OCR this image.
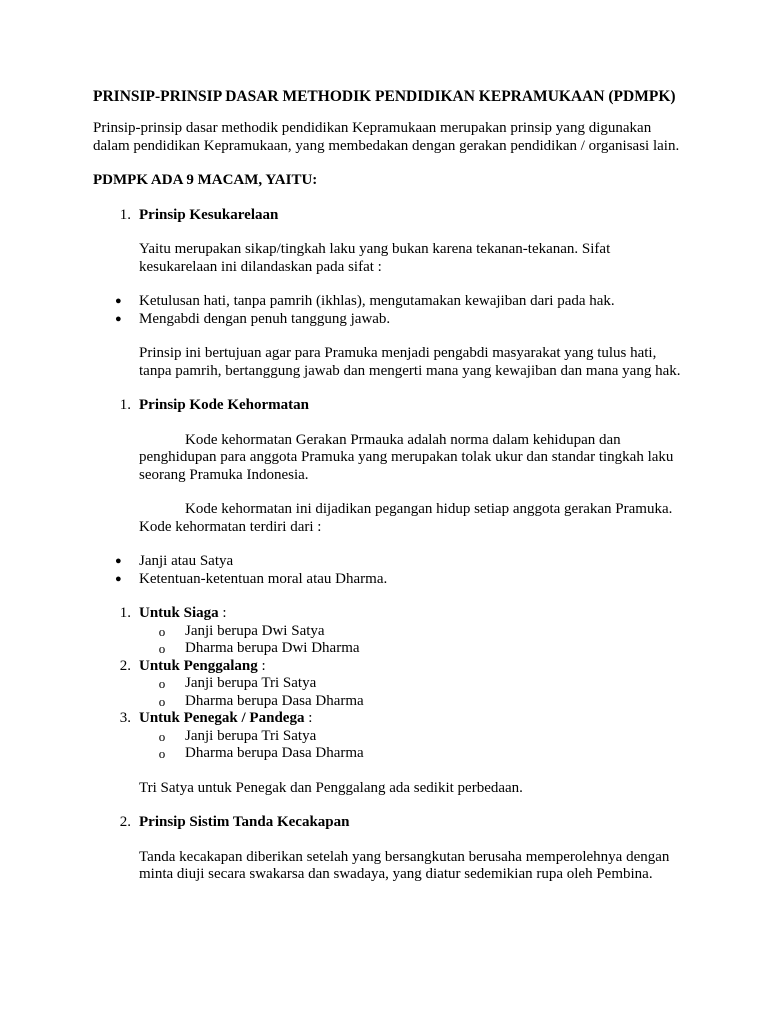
PRINSIP-PRINSIP DASAR METHODIK PENDIDIKAN KEPRAMUKAAN (PDMPK)

Prinsip-prinsip dasar methodik pendidikan Kepramukaan merupakan prinsip yang digunakan dalam pendidikan Kepramukaan, yang membedakan dengan gerakan pendidikan / organisasi lain.

PDMPK ADA 9 MACAM, YAITU:

1. Prinsip Kesukarelaan

Yaitu merupakan sikap/tingkah laku yang bukan karena tekanan-tekanan. Sifat kesukarelaan ini dilandaskan pada sifat :

●	Ketulusan hati, tanpa pamrih (ikhlas), mengutamakan kewajiban dari pada hak.
●	Mengabdi dengan penuh tanggung jawab.

Prinsip ini bertujuan agar para Pramuka menjadi pengabdi masyarakat yang tulus hati, tanpa pamrih, bertanggung jawab dan mengerti mana yang kewajiban dan mana yang hak.

1. Prinsip Kode Kehormatan

Kode kehormatan Gerakan Prmauka adalah norma dalam kehidupan dan penghidupan para anggota Pramuka yang merupakan tolak ukur dan standar tingkah laku seorang Pramuka Indonesia.

Kode kehormatan ini dijadikan pegangan hidup setiap anggota gerakan Pramuka. Kode kehormatan terdiri dari :

●	Janji atau Satya
●	Ketentuan-ketentuan moral atau Dharma.
1. Untuk Siaga :
o	Janji berupa Dwi Satya
o	Dharma berupa Dwi Dharma
2. Untuk Penggalang :
o	Janji berupa Tri Satya
o	Dharma berupa Dasa Dharma
3. Untuk Penegak / Pandega :
o	Janji berupa Tri Satya
o	Dharma berupa Dasa Dharma

Tri Satya untuk Penegak dan Penggalang ada sedikit perbedaan.

2. Prinsip Sistim Tanda Kecakapan

Tanda kecakapan diberikan setelah yang bersangkutan berusaha memperolehnya dengan minta diuji secara swakarsa dan swadaya, yang diatur sedemikian rupa oleh Pembina.
